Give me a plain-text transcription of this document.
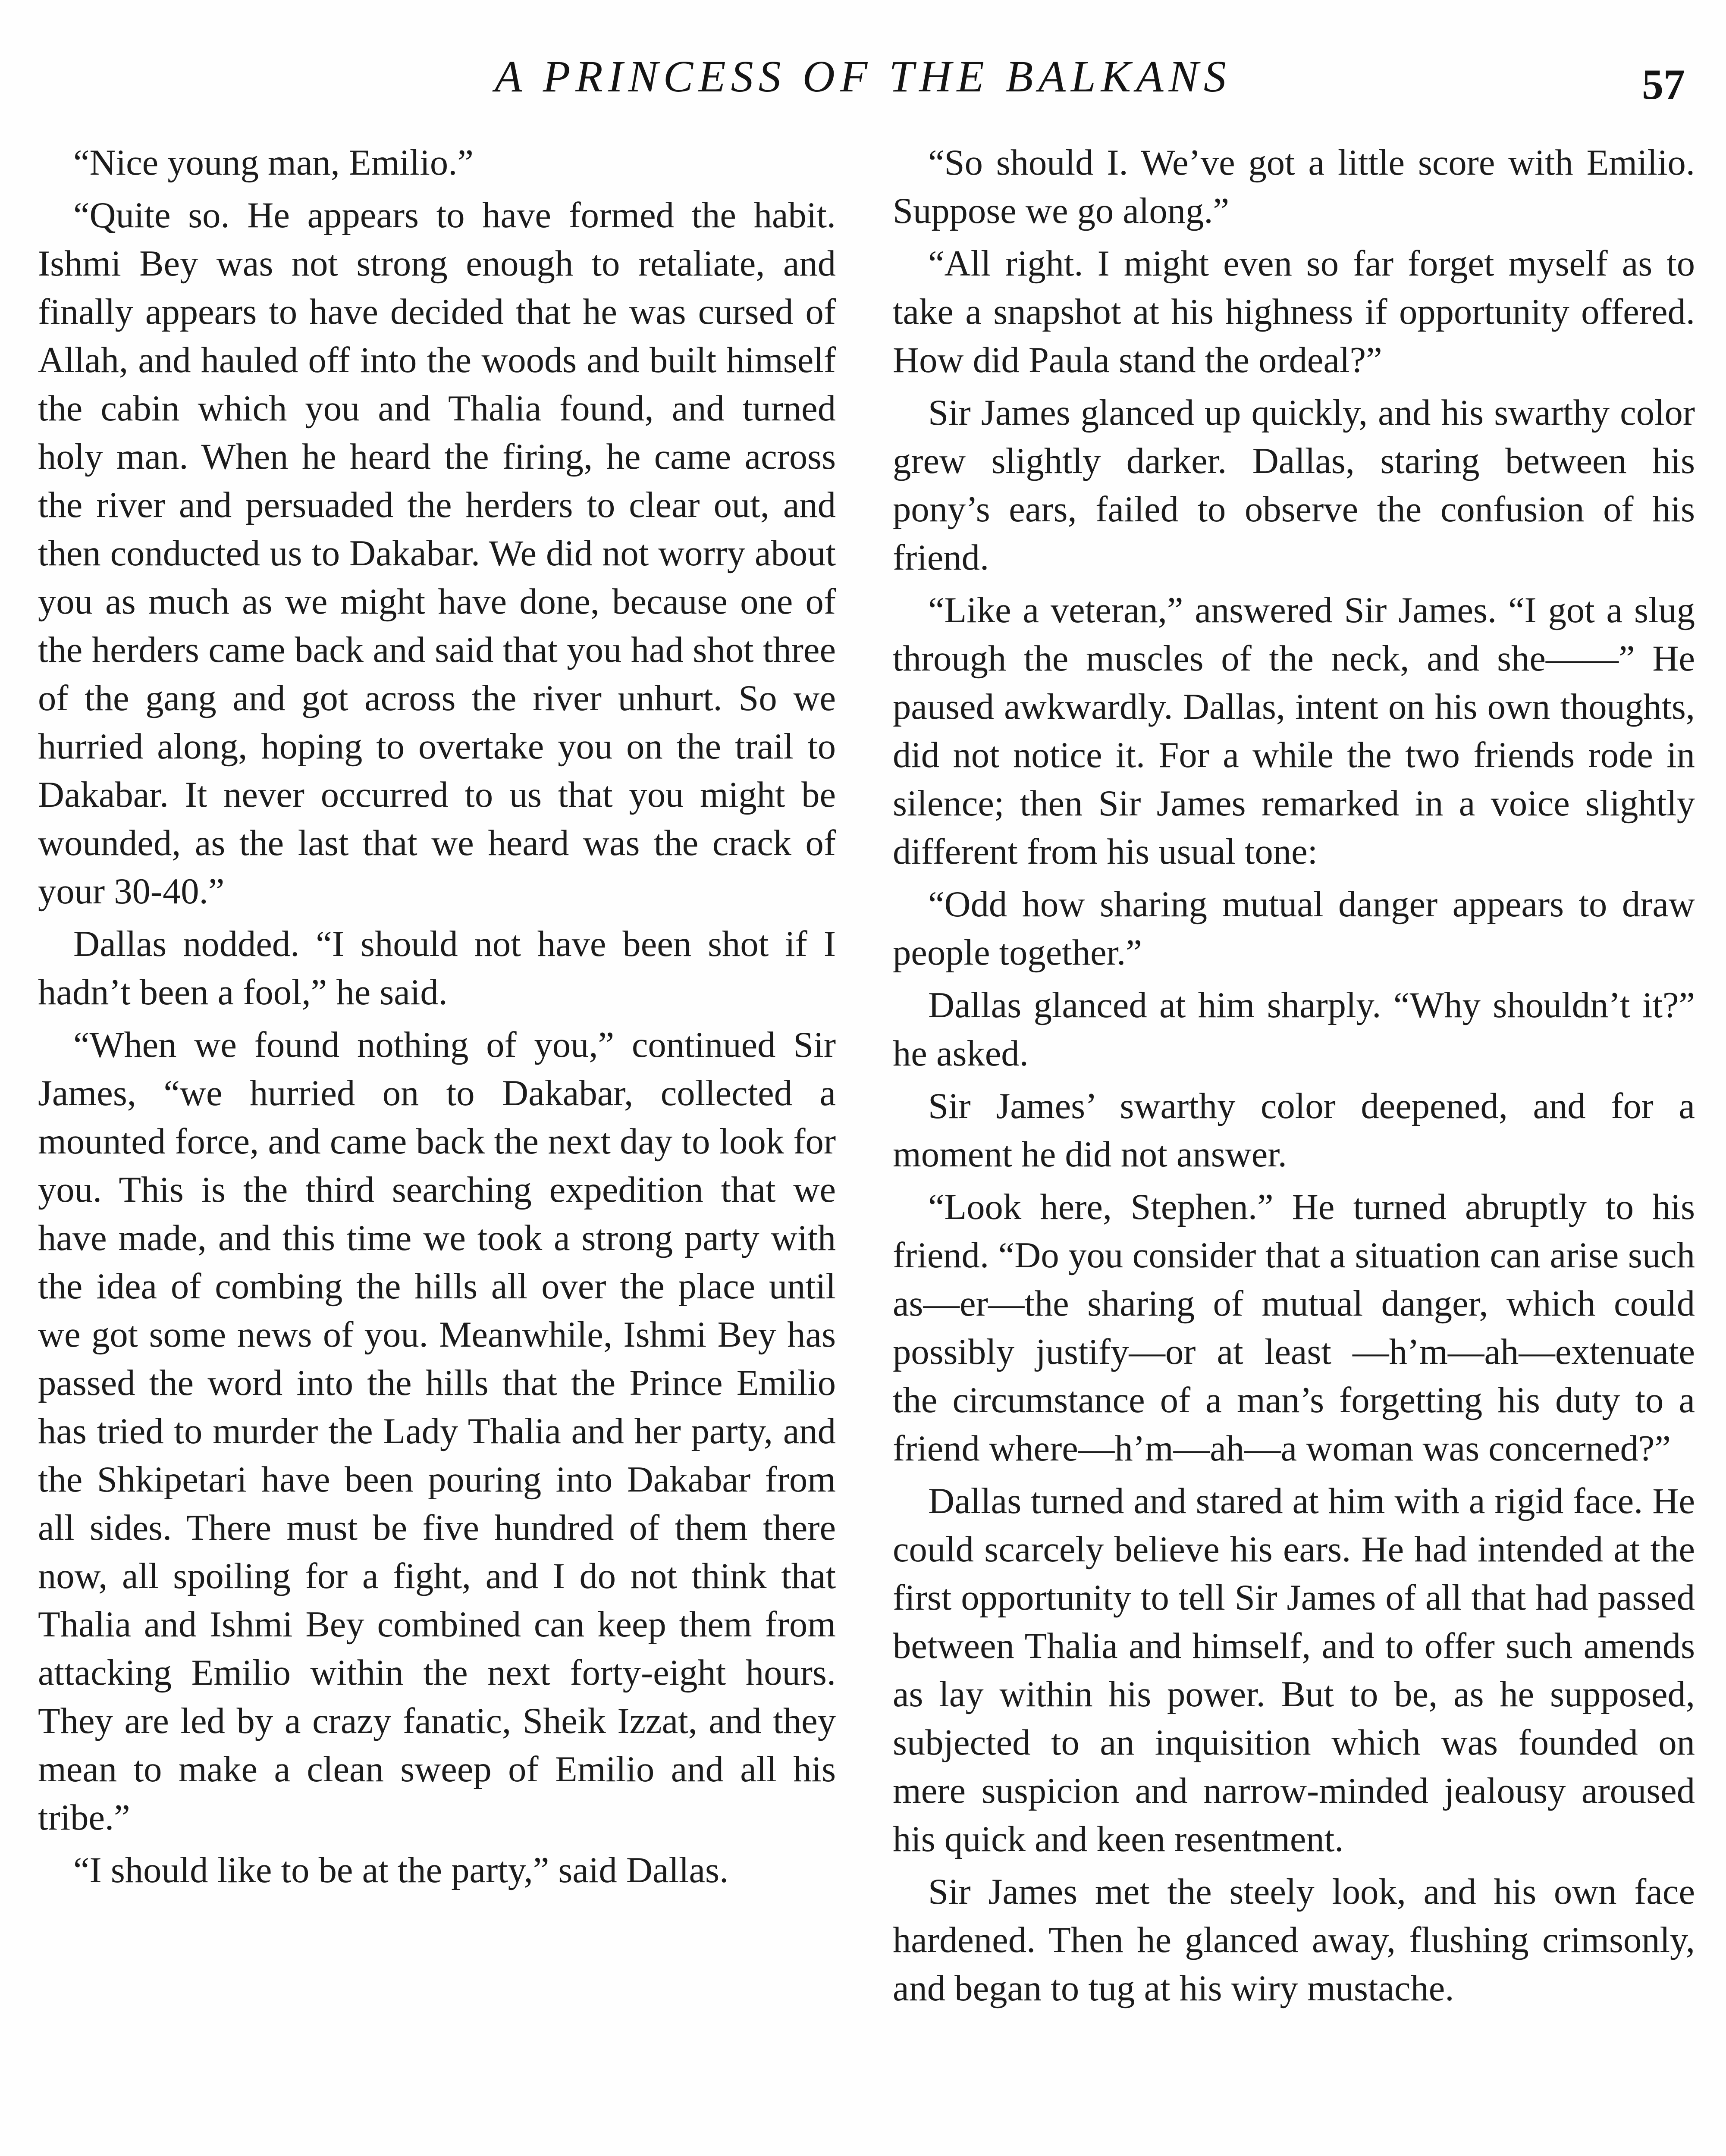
A PRINCESS OF THE BALKANS	57

“Nice young man, Emilio.”

“Quite so. He appears to have formed the habit. Ishmi Bey was not strong enough to retaliate, and finally appears to have decided that he was cursed of Allah, and hauled off into the woods and built himself the cabin which you and Thalia found, and turned holy man. When he heard the firing, he came across the river and persuaded the herders to clear out, and then conducted us to Dakabar. We did not worry about you as much as we might have done, because one of the herders came back and said that you had shot three of the gang and got across the river unhurt. So we hurried along, hoping to overtake you on the trail to Dakabar. It never occurred to us that you might be wounded, as the last that we heard was the crack of your 30-40.”

Dallas nodded. “I should not have been shot if I hadn’t been a fool,” he said.

“When we found nothing of you,” continued Sir James, “we hurried on to Dakabar, collected a mounted force, and came back the next day to look for you. This is the third searching expedition that we have made, and this time we took a strong party with the idea of combing the hills all over the place until we got some news of you. Meanwhile, Ishmi Bey has passed the word into the hills that the Prince Emilio has tried to murder the Lady Thalia and her party, and the Shkipetari have been pouring into Dakabar from all sides. There must be five hundred of them there now, all spoiling for a fight, and I do not think that Thalia and Ishmi Bey combined can keep them from attacking Emilio within the next forty-eight hours. They are led by a crazy fanatic, Sheik Izzat, and they mean to make a clean sweep of Emilio and all his tribe.”

“I should like to be at the party,” said Dallas.

“So should I. We’ve got a little score with Emilio. Suppose we go along.”

“All right. I might even so far forget myself as to take a snapshot at his highness if opportunity offered. How did Paula stand the ordeal?”

Sir James glanced up quickly, and his swarthy color grew slightly darker. Dallas, staring between his pony’s ears, failed to observe the confusion of his friend.

“Like a veteran,” answered Sir James. “I got a slug through the muscles of the neck, and she——” He paused awkwardly. Dallas, intent on his own thoughts, did not notice it. For a while the two friends rode in silence; then Sir James remarked in a voice slightly different from his usual tone:

“Odd how sharing mutual danger appears to draw people together.”

Dallas glanced at him sharply. “Why shouldn’t it?” he asked.

Sir James’ swarthy color deepened, and for a moment he did not answer.

“Look here, Stephen.” He turned abruptly to his friend. “Do you consider that a situation can arise such as—er—the sharing of mutual danger, which could possibly justify—or at least —h’m—ah—extenuate the circumstance of a man’s forgetting his duty to a friend where—h’m—ah—a woman was concerned?”

Dallas turned and stared at him with a rigid face. He could scarcely believe his ears. He had intended at the first opportunity to tell Sir James of all that had passed between Thalia and himself, and to offer such amends as lay within his power. But to be, as he supposed, subjected to an inquisition which was founded on mere suspicion and narrow-minded jealousy aroused his quick and keen resentment.

Sir James met the steely look, and his own face hardened. Then he glanced away, flushing crimsonly, and began to tug at his wiry mustache.
